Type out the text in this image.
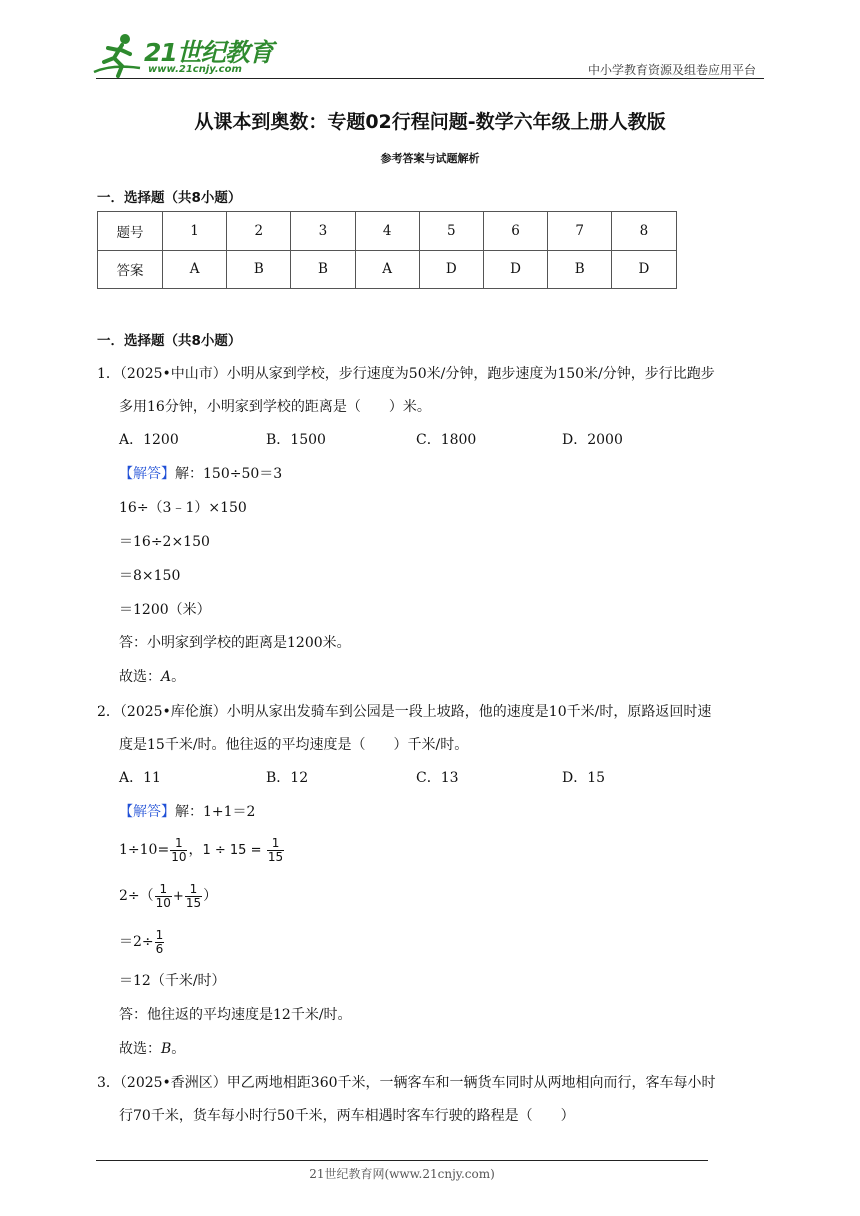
21世纪教育
www.21cnjy.com	中小学教育资源及组卷应用平台
从课本到奥数：专题02行程问题-数学六年级上册人教版
参考答案与试题解析
一．选择题（共8小题）
题号	1	2	3	4	5	6	7	8
答案	A	B	B	A	D	D	B	D
一．选择题（共8小题）
1．（2025•中山市）小明从家到学校，步行速度为50米/分钟，跑步速度为150米/分钟，步行比跑步
多用16分钟，小明家到学校的距离是（　　）米。
A．1200	B．1500	C．1800	D．2000
【解答】解：150÷50＝3
16÷（3﹣1）×150
＝16÷2×150
＝8×150
＝1200（米）
答：小明家到学校的距离是1200米。
故选：A。
2．（2025•库伦旗）小明从家出发骑车到公园是一段上坡路，他的速度是10千米/时，原路返回时速
度是15千米/时。他往返的平均速度是（　　）千米/时。
A．11	B．12	C．13	D．15
【解答】解：1+1＝2
$1\div 10= \frac{1}{10}$ ，$1 \div 15 = \frac{1}{15}$
$2\div( \frac{1}{10} + \frac{1}{15}$ ）
$=2\div \frac{1}{6}$
＝12（千米/时）
答：他往返的平均速度是12千米/时。
故选：B。
3．（2025•香洲区）甲乙两地相距360千米，一辆客车和一辆货车同时从两地相向而行，客车每小时
行70千米，货车每小时行50千米，两车相遇时客车行驶的路程是（　　）
21世纪教育网(www.21cnjy.com)
